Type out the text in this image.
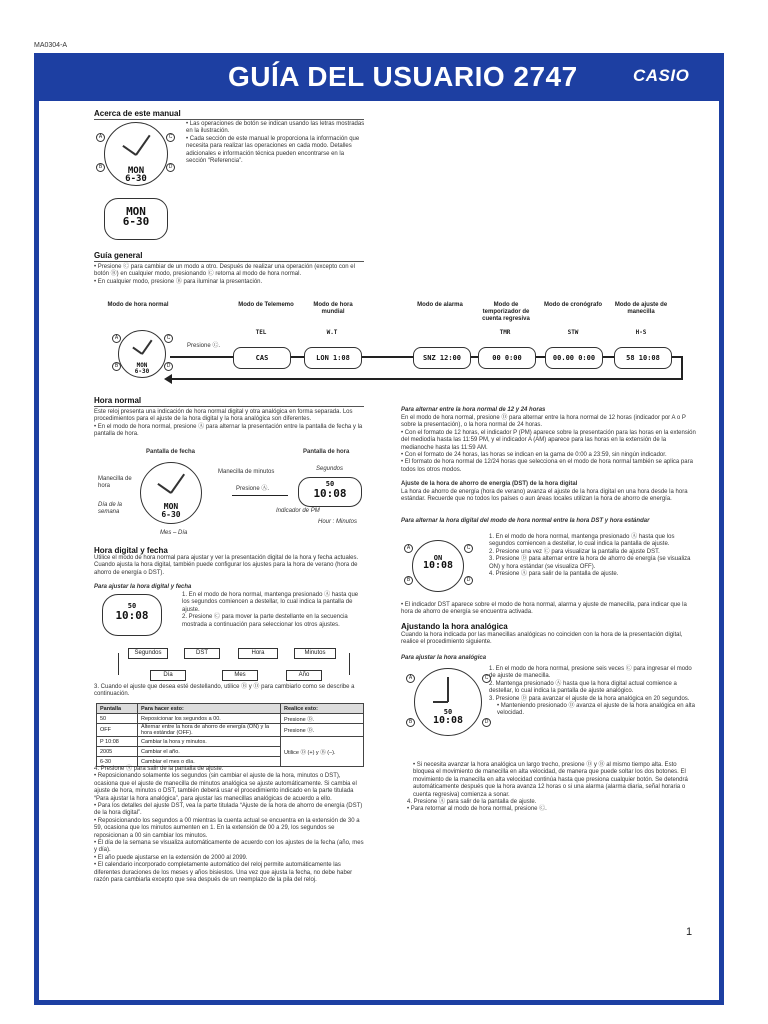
MA0304-A
GUÍA DEL USUARIO 2747	CASIO
Acerca de este manual

• Las operaciones de botón se indican usando las letras mostradas en la ilustración.

• Cada sección de este manual le proporciona la información que necesita para realizar las operaciones en cada modo. Detalles adicionales e información técnica pueden encontrarse en la sección “Referencia”.

MON
6-30
A
B
C
D
MON
6-30
Guía general

• Presione Ⓒ para cambiar de un modo a otro. Después de realizar una operación (excepto con el botón Ⓑ) en cualquier modo, presionando Ⓒ retorna al modo de hora normal.

• En cualquier modo, presione Ⓑ para iluminar la presentación.

Modo de hora normal	Modo de Telememo	Modo de hora mundial
Modo de alarma	Modo de temporizador de cuenta regresiva
Modo de cronógrafo	Modo de ajuste de manecilla
MON
6-30
A
B
C
D
Presione Ⓒ.
TEL
CAS
W.T
LON 1:08	SNZ 12:00
TMR
00 0:00
STW
00.00 0:00
H-S
58 10:08
Hora normal

Este reloj presenta una indicación de hora normal digital y otra analógica en forma separada. Los procedimientos para el ajuste de la hora digital y la hora analógica son diferentes.

• En el modo de hora normal, presione Ⓐ para alternar la presentación entre la pantalla de fecha y la pantalla de hora.

Pantalla de fecha	Pantalla de hora
Manecilla de minutos
Manecilla de hora
Día de la semana
Mes – Día
MON
6-30
Presione Ⓐ.
Segundos
50
10:08
Indicador de PM
Hour : Minutos
Hora digital y fecha
Utilice el modo de hora normal para ajustar y ver la presentación digital de la hora y fecha actuales. Cuando ajusta la hora digital, también puede configurar los ajustes para la hora de verano (hora de ahorro de energía o DST).
Para ajustar la hora digital y fecha
50
10:08

1. En el modo de hora normal, mantenga presionado Ⓐ hasta que los segundos comiencen a destellar, lo cual indica la pantalla de ajuste.

2. Presione Ⓒ para mover la parte destellante en la secuencia mostrada a continuación para seleccionar los otros ajustes.

Segundos	DST	Hora	Minutos
Día	Mes	Año
3. Cuando el ajuste que desea esté destellando, utilice Ⓑ y Ⓓ para cambiarlo como se describe a continuación.
Pantalla	Para hacer esto:	Realice esto:
50	Reposicionar los segundos a 00.	Presione Ⓓ.
OFF	Alternar entre la hora de ahorro de energía (ON) y la hora estándar (OFF).	Presione Ⓓ.
P 10:08	Cambiar la hora y minutos.	Utilice Ⓓ (+) y Ⓑ (–).
2005	Cambiar el año.	
6-30	Cambiar el mes o día.	

4. Presione Ⓐ para salir de la pantalla de ajuste.

• Reposicionando solamente los segundos (sin cambiar el ajuste de la hora, minutos o DST), ocasiona que el ajuste de manecilla de minutos analógica se ajuste automáticamente. Si cambia el ajuste de hora, minutos o DST, también deberá usar el procedimiento indicado en la parte titulada “Para ajustar la hora analógica”, para ajustar las manecillas analógicas de acuerdo a ello.

• Para los detalles del ajuste DST, vea la parte titulada “Ajuste de la hora de ahorro de energía (DST) de la hora digital”.

• Reposicionando los segundos a 00 mientras la cuenta actual se encuentra en la extensión de 30 a 59, ocasiona que los minutos aumenten en 1. En la extensión de 00 a 29, los segundos se reposicionan a 00 sin cambiar los minutos.

• El día de la semana se visualiza automáticamente de acuerdo con los ajustes de la fecha (año, mes y día).

• El año puede ajustarse en la extensión de 2000 al 2099.

• El calendario incorporado completamente automático del reloj permite automáticamente las diferentes duraciones de los meses y años bisiestos. Una vez que ajusta la fecha, no debe haber razón para cambiarla excepto que sea después de un reemplazo de la pila del reloj.

Para alternar entre la hora normal de 12 y 24 horas

En el modo de hora normal, presione Ⓓ para alternar entre la hora normal de 12 horas (indicador por A o P sobre la presentación), o la hora normal de 24 horas.

• Con el formato de 12 horas, el indicador P (PM) aparece sobre la presentación para las horas en la extensión del mediodía hasta las 11:59 PM, y el indicador A (AM) aparece para las horas en la extensión de la medianoche hasta las 11:59 AM.

• Con el formato de 24 horas, las horas se indican en la gama de 0:00 a 23:59, sin ningún indicador.

• El formato de hora normal de 12/24 horas que selecciona en el modo de hora normal también se aplica para todos los otros modos.

Ajuste de la hora de ahorro de energía (DST) de la hora digital
La hora de ahorro de energía (hora de verano) avanza el ajuste de la hora digital en una hora desde la hora estándar. Recuerde que no todos los países o aun áreas locales utilizan la hora de ahorro de energía.
Para alternar la hora digital del modo de hora normal entre la hora DST y hora estándar
ON
10:08
A
B
C
D

1. En el modo de hora normal, mantenga presionado Ⓐ hasta que los segundos comiencen a destellar, lo cual indica la pantalla de ajuste.

2. Presione una vez Ⓒ para visualizar la pantalla de ajuste DST.

3. Presione Ⓓ para alternar entre la hora de ahorro de energía (se visualiza ON) y hora estándar (se visualiza OFF).

4. Presione Ⓐ para salir de la pantalla de ajuste.

• El indicador DST aparece sobre el modo de hora normal, alarma y ajuste de manecilla, para indicar que la hora de ahorro de energía se encuentra activada.
Ajustando la hora analógica
Cuando la hora indicada por las manecillas analógicas no coinciden con la hora de la presentación digital, realice el procedimiento siguiente.
Para ajustar la hora analógica
50
10:08
A
B
C
D

1. En el modo de hora normal, presione seis veces Ⓒ para ingresar el modo de ajuste de manecilla.

2. Mantenga presionado Ⓐ hasta que la hora digital actual comience a destellar, lo cual indica la pantalla de ajuste analógico.

3. Presione Ⓓ para avanzar el ajuste de la hora analógica en 20 segundos.

• Manteniendo presionado Ⓓ avanza el ajuste de la hora analógica en alta velocidad.

• Si necesita avanzar la hora analógica un largo trecho, presione Ⓓ y Ⓑ al mismo tiempo alta. Esto bloquea el movimiento de manecilla en alta velocidad, de manera que puede soltar los dos botones. El movimiento de la manecilla en alta velocidad continúa hasta que presiona cualquier botón. Se detendrá automáticamente después que la hora avanza 12 horas o si una alarma (alarma diaria, señal horaria o cuenta regresiva) comienza a sonar.

4. Presione Ⓐ para salir de la pantalla de ajuste.

• Para retornar al modo de hora normal, presione Ⓒ.

1
